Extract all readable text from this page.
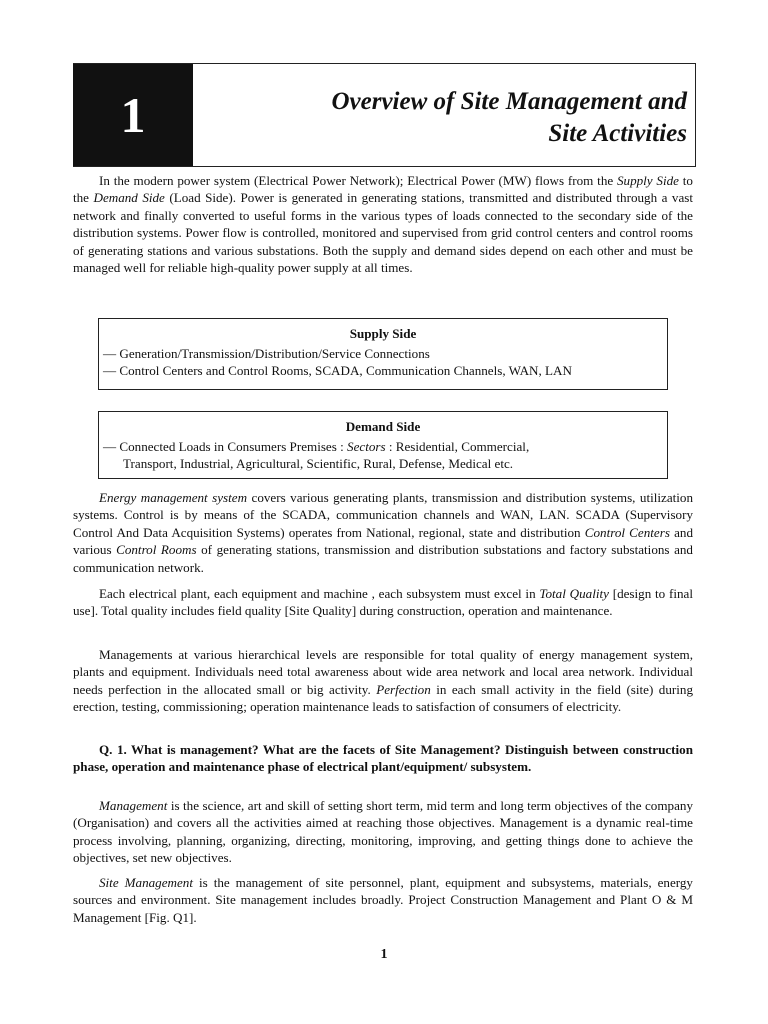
1	Overview of Site Management and
Site Activities

In the modern power system (Electrical Power Network); Electrical Power (MW) flows from the Supply Side to the Demand Side (Load Side). Power is generated in generating stations, transmitted and distributed through a vast network and finally converted to useful forms in the various types of loads connected to the secondary side of the distribution systems. Power flow is controlled, monitored and supervised from grid control centers and control rooms of generating stations and various substations. Both the supply and demand sides depend on each other and must be managed well for reliable high-quality power supply at all times.

Supply Side
— Generation/Transmission/Distribution/Service Connections
— Control Centers and Control Rooms, SCADA, Communication Channels, WAN, LAN
Demand Side
— Connected Loads in Consumers Premises : Sectors : Residential, Commercial,
Transport, Industrial, Agricultural, Scientific, Rural, Defense, Medical etc.

Energy management system covers various generating plants, transmission and distribution systems, utilization systems. Control is by means of the SCADA, communication channels and WAN, LAN. SCADA (Supervisory Control And Data Acquisition Systems) operates from National, regional, state and distribution Control Centers and various Control Rooms of generating stations, transmission and distribution substations and factory substations and communication network.

Each electrical plant, each equipment and machine , each subsystem must excel in Total Quality [design to final use]. Total quality includes field quality [Site Quality] during construction, operation and maintenance.

Managements at various hierarchical levels are responsible for total quality of energy management system, plants and equipment. Individuals need total awareness about wide area network and local area network. Individual needs perfection in the allocated small or big activity. Perfection in each small activity in the field (site) during erection, testing, commissioning; operation maintenance leads to satisfaction of consumers of electricity.

Q. 1. What is management? What are the facets of Site Management? Distinguish between construction phase, operation and maintenance phase of electrical plant/equipment/ subsystem.

Management is the science, art and skill of setting short term, mid term and long term objectives of the company (Organisation) and covers all the activities aimed at reaching those objectives. Management is a dynamic real-time process involving, planning, organizing, directing, monitoring, improving, and getting things done to achieve the objectives, set new objectives.

Site Management is the management of site personnel, plant, equipment and subsystems, materials, energy sources and environment. Site management includes broadly. Project Construction Management and Plant O & M Management [Fig. Q1].

1
